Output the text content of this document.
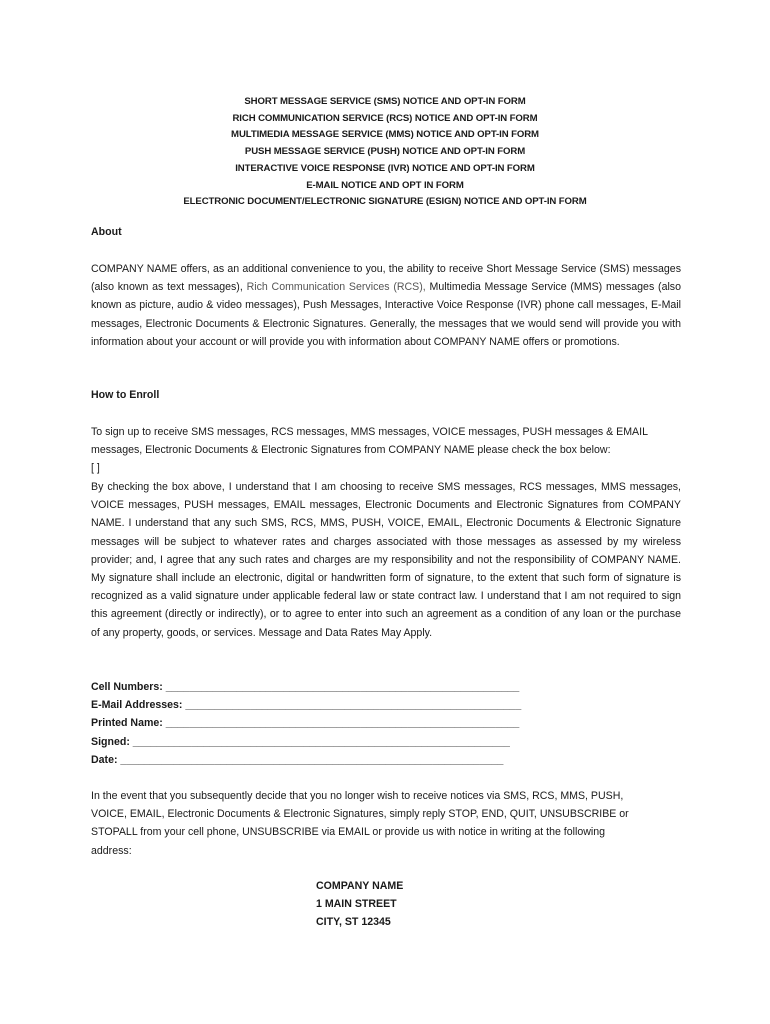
SHORT MESSAGE SERVICE (SMS) NOTICE AND OPT-IN FORM
RICH COMMUNICATION SERVICE (RCS) NOTICE AND OPT-IN FORM
MULTIMEDIA MESSAGE SERVICE (MMS) NOTICE AND OPT-IN FORM
PUSH MESSAGE SERVICE (PUSH) NOTICE AND OPT-IN FORM
INTERACTIVE VOICE RESPONSE (IVR) NOTICE AND OPT-IN FORM
E-MAIL NOTICE AND OPT IN FORM
ELECTRONIC DOCUMENT/ELECTRONIC SIGNATURE (ESIGN) NOTICE AND OPT-IN FORM
About
COMPANY NAME offers, as an additional convenience to you, the ability to receive Short Message Service (SMS) messages (also known as text messages), Rich Communication Services (RCS), Multimedia Message Service (MMS) messages (also known as picture, audio & video messages), Push Messages, Interactive Voice Response (IVR) phone call messages, E-Mail messages, Electronic Documents & Electronic Signatures. Generally, the messages that we would send will provide you with information about your account or will provide you with information about COMPANY NAME offers or promotions.
How to Enroll
To sign up to receive SMS messages, RCS messages, MMS messages, VOICE messages, PUSH messages & EMAIL
messages, Electronic Documents & Electronic Signatures from COMPANY NAME please check the box below:
[ ]
By checking the box above, I understand that I am choosing to receive SMS messages, RCS messages, MMS messages, VOICE messages, PUSH messages, EMAIL messages, Electronic Documents and Electronic Signatures from COMPANY NAME. I understand that any such SMS, RCS, MMS, PUSH, VOICE, EMAIL, Electronic Documents & Electronic Signature messages will be subject to whatever rates and charges associated with those messages as assessed by my wireless provider; and, I agree that any such rates and charges are my responsibility and not the responsibility of COMPANY NAME. My signature shall include an electronic, digital or handwritten form of signature, to the extent that such form of signature is recognized as a valid signature under applicable federal law or state contract law. I understand that I am not required to sign this agreement (directly or indirectly), or to agree to enter into such an agreement as a condition of any loan or the purchase of any property, goods, or services. Message and Data Rates May Apply.
Cell Numbers: ____________________________________________________________
E-Mail Addresses: _________________________________________________________
Printed Name: ____________________________________________________________
Signed: ________________________________________________________________
Date: _________________________________________________________________
In the event that you subsequently decide that you no longer wish to receive notices via SMS, RCS, MMS, PUSH,
VOICE, EMAIL, Electronic Documents & Electronic Signatures, simply reply STOP, END, QUIT, UNSUBSCRIBE or
STOPALL from your cell phone, UNSUBSCRIBE via EMAIL or provide us with notice in writing at the following
address:
COMPANY NAME
1 MAIN STREET
CITY, ST 12345
